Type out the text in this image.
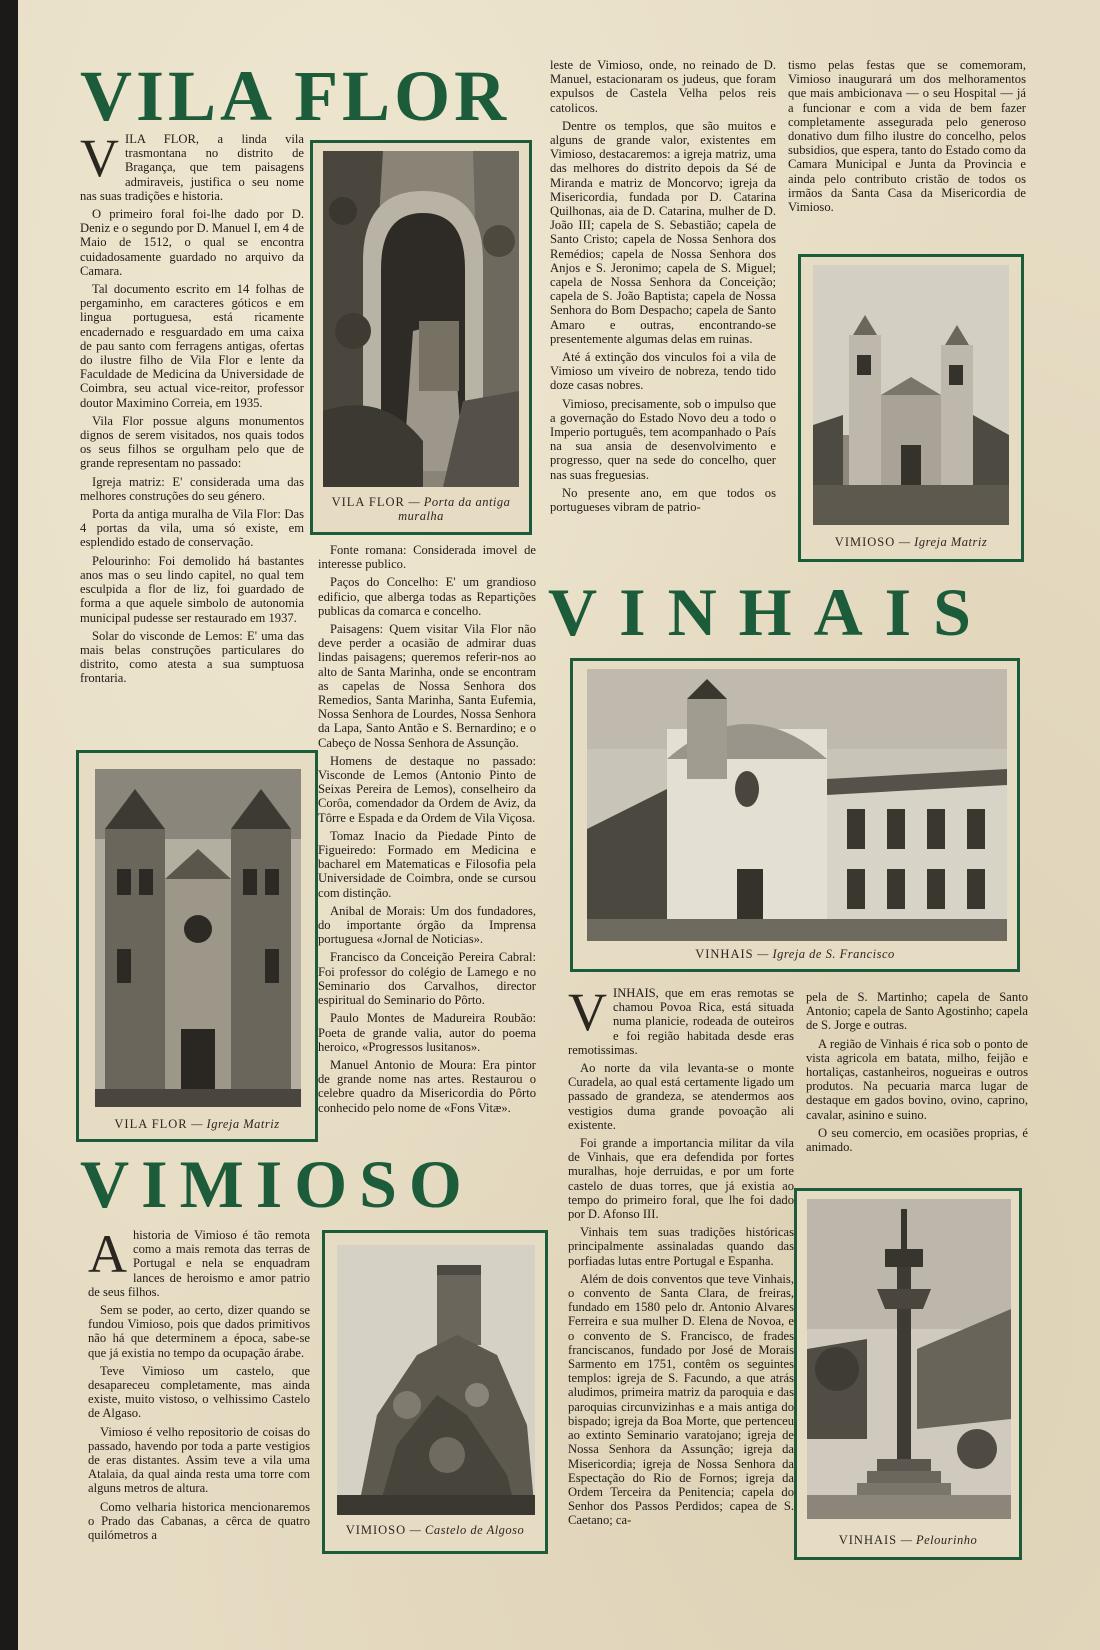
VILA FLOR

VILA FLOR, a linda vila trasmontana no distrito de Bragança, que tem paisagens admiraveis, justifica o seu nome nas suas tradições e historia.

O primeiro foral foi-lhe dado por D. Deniz e o segundo por D. Manuel I, em 4 de Maio de 1512, o qual se encontra cuidadosamente guardado no arquivo da Camara.

Tal documento escrito em 14 folhas de pergaminho, em caracteres góticos e em lingua portuguesa, está ricamente encadernado e resguardado em uma caixa de pau santo com ferragens antigas, ofertas do ilustre filho de Vila Flor e lente da Faculdade de Medicina da Universidade de Coimbra, seu actual vice-reitor, professor doutor Maximino Correia, em 1935.

Vila Flor possue alguns monumentos dignos de serem visitados, nos quais todos os seus filhos se orgulham pelo que de grande representam no passado:

Igreja matriz: E' considerada uma das melhores construções do seu género.

Porta da antiga muralha de Vila Flor: Das 4 portas da vila, uma só existe, em esplendido estado de conservação.

Pelourinho: Foi demolido há bastantes anos mas o seu lindo capitel, no qual tem esculpida a flor de liz, foi guardado de forma a que aquele simbolo de autonomia municipal pudesse ser restaurado em 1937.

Solar do visconde de Lemos: E' uma das mais belas construções particulares do distrito, como atesta a sua sumptuosa frontaria.

VILA FLOR — Porta da antiga muralha

Fonte romana: Considerada imovel de interesse publico.

Paços do Concelho: E' um grandioso edificio, que alberga todas as Repartições publicas da comarca e concelho.

Paisagens: Quem visitar Vila Flor não deve perder a ocasião de admirar duas lindas paisagens; queremos referir-nos ao alto de Santa Marinha, onde se encontram as capelas de Nossa Senhora dos Remedios, Santa Marinha, Santa Eufemia, Nossa Senhora de Lourdes, Nossa Senhora da Lapa, Santo Antão e S. Bernardino; e o Cabeço de Nossa Senhora de Assunção.

Homens de destaque no passado: Visconde de Lemos (Antonio Pinto de Seixas Pereira de Lemos), conselheiro da Corôa, comendador da Ordem de Aviz, da Tôrre e Espada e da Ordem de Vila Viçosa.

Tomaz Inacio da Piedade Pinto de Figueiredo: Formado em Medicina e bacharel em Matematicas e Filosofia pela Universidade de Coimbra, onde se cursou com distinção.

Anibal de Morais: Um dos fundadores, do importante órgão da Imprensa portuguesa «Jornal de Noticias».

Francisco da Conceição Pereira Cabral: Foi professor do colégio de Lamego e no Seminario dos Carvalhos, director espiritual do Seminario do Pôrto.

Paulo Montes de Madureira Roubão: Poeta de grande valia, autor do poema heroico, «Progressos lusitanos».

Manuel Antonio de Moura: Era pintor de grande nome nas artes. Restaurou o celebre quadro da Misericordia do Pôrto conhecido pelo nome de «Fons Vitæ».

VILA FLOR — Igreja Matriz

leste de Vimioso, onde, no reinado de D. Manuel, estacionaram os judeus, que foram expulsos de Castela Velha pelos reis catolicos.

Dentre os templos, que são muitos e alguns de grande valor, existentes em Vimioso, destacaremos: a igreja matriz, uma das melhores do distrito depois da Sé de Miranda e matriz de Moncorvo; igreja da Misericordia, fundada por D. Catarina Quilhonas, aia de D. Catarina, mulher de D. João III; capela de S. Sebastião; capela de Santo Cristo; capela de Nossa Senhora dos Remédios; capela de Nossa Senhora dos Anjos e S. Jeronimo; capela de S. Miguel; capela de Nossa Senhora da Conceição; capela de S. João Baptista; capela de Nossa Senhora do Bom Despacho; capela de Santo Amaro e outras, encontrando-se presentemente algumas delas em ruinas.

Até á extinção dos vinculos foi a vila de Vimioso um viveiro de nobreza, tendo tido doze casas nobres.

Vimioso, precisamente, sob o impulso que a governação do Estado Novo deu a todo o Imperio português, tem acompanhado o País na sua ansia de desenvolvimento e progresso, quer na sede do concelho, quer nas suas freguesias.

No presente ano, em que todos os portugueses vibram de patrio-

tismo pelas festas que se comemoram, Vimioso inaugurará um dos melhoramentos que mais ambicionava — o seu Hospital — já a funcionar e com a vida de bem fazer completamente assegurada pelo generoso donativo dum filho ilustre do concelho, pelos subsidios, que espera, tanto do Estado como da Camara Municipal e Junta da Provincia e ainda pelo contributo cristão de todos os irmãos da Santa Casa da Misericordia de Vimioso.

VIMIOSO — Igreja Matriz
VINHAIS
VINHAIS — Igreja de S. Francisco

VINHAIS, que em eras remotas se chamou Povoa Rica, está situada numa planicie, rodeada de outeiros e foi região habitada desde eras remotissimas.

Ao norte da vila levanta-se o monte Curadela, ao qual está certamente ligado um passado de grandeza, se atendermos aos vestigios duma grande povoação ali existente.

Foi grande a importancia militar da vila de Vinhais, que era defendida por fortes muralhas, hoje derruidas, e por um forte castelo de duas torres, que já existia ao tempo do primeiro foral, que lhe foi dado por D. Afonso III.

Vinhais tem suas tradições históricas principalmente assinaladas quando das porfiadas lutas entre Portugal e Espanha.

Além de dois conventos que teve Vinhais, o convento de Santa Clara, de freiras, fundado em 1580 pelo dr. Antonio Alvares Ferreira e sua mulher D. Elena de Novoa, e o convento de S. Francisco, de frades franciscanos, fundado por José de Morais Sarmento em 1751, contêm os seguintes templos: igreja de S. Facundo, a que atrás aludimos, primeira matriz da paroquia e das paroquias circunvizinhas e a mais antiga do bispado; igreja da Boa Morte, que pertenceu ao extinto Seminario varatojano; igreja de Nossa Senhora da Assunção; igreja da Misericordia; igreja de Nossa Senhora da Espectação do Rio de Fornos; igreja da Ordem Terceira da Penitencia; capela do Senhor dos Passos Perdidos; capea de S. Caetano; ca-

pela de S. Martinho; capela de Santo Antonio; capela de Santo Agostinho; capela de S. Jorge e outras.

A região de Vinhais é rica sob o ponto de vista agricola em batata, milho, feijão e hortaliças, castanheiros, nogueiras e outros produtos. Na pecuaria marca lugar de destaque em gados bovino, ovino, caprino, cavalar, asinino e suino.

O seu comercio, em ocasiões proprias, é animado.

VINHAIS — Pelourinho
VIMIOSO

Ahistoria de Vimioso é tão remota como a mais remota das terras de Portugal e nela se enquadram lances de heroismo e amor patrio de seus filhos.

Sem se poder, ao certo, dizer quando se fundou Vimioso, pois que dados primitivos não há que determinem a época, sabe-se que já existia no tempo da ocupação árabe.

Teve Vimioso um castelo, que desapareceu completamente, mas ainda existe, muito vistoso, o velhissimo Castelo de Algaso.

Vimioso é velho repositorio de coisas do passado, havendo por toda a parte vestigios de eras distantes. Assim teve a vila uma Atalaia, da qual ainda resta uma torre com alguns metros de altura.

Como velharia historica mencionaremos o Prado das Cabanas, a cêrca de quatro quilómetros a	VIMIOSO — Castelo de Algoso
